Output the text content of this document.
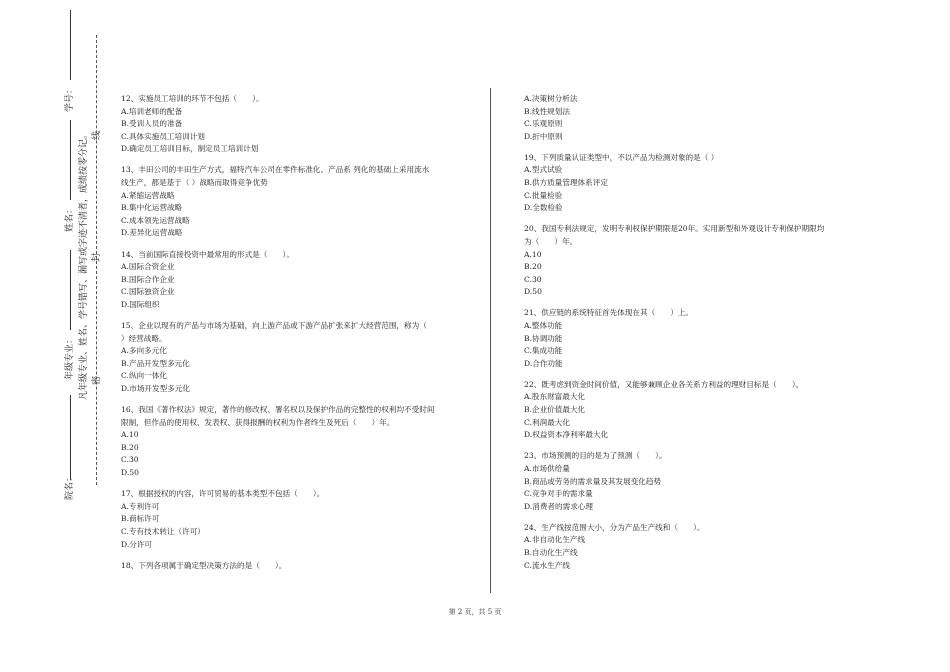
学号：
姓名：
年级专业：
院名：
凡年级专业、姓名、学号错写、漏写或字迹不清者，成绩按零分记。 线
封
密

12、实施员工培训的环节不包括（　　）。

A.培训老师的配备

B.受训人员的准备

C.具体实施员工培训计划

D.确定员工培训目标，制定员工培训计划

13、丰田公司的丰田生产方式，福特汽车公司在零件标准化、产品系 列化的基础上采用流水

线生产，都是基于（ ）战略而取得竞争优势

A.紧缩运营战略

B.集中化运营战略

C.成本领先运营战略

D.差异化运营战略

14、当前国际直接投资中最常用的形式是（　　）。

A.国际合资企业

B.国际合作企业

C.国际独资企业

D.国际组织

15、企业以现有的产品与市场为基础，向上游产品或下游产品扩张来扩大经营范围，称为（

）经营战略。

A.多向多元化

B.产品开发型多元化

C.纵向一体化

D.市场开发型多元化

16、我国《著作权法》规定，著作的修改权、署名权以及保护作品的完整性的权利均不受时间

限制，但作品的使用权、发表权、获得报酬的权利为作者终生及死后（　　）年。

A.10

B.20

C.30

D.50

17、根据授权的内容，许可贸易的基本类型不包括（　　）。

A.专利许可

B.商标许可

C.专有技术转让（许可）

D.分许可

18、下列各项属于确定型决策方法的是（　　）。

A.决策树分析法

B.线性规划法

C.乐观原则

D.折中原则

19、下列质量认证类型中，不以产品为检测对象的是（ ）

A.型式试验

B.供方质量管理体系评定

C.批量检验

D.全数检验

20、我国专利法规定，发明专利权保护期限是20年。实用新型和外观设计专利保护期限均

为（　　）年。

A.10

B.20

C.30

D.50

21、供应链的系统特征首先体现在其（　　）上。

A.整体功能

B.协调功能

C.集成功能

D.合作功能

22、既考虑到资金时间价值，又能够兼顾企业各关系方利益的理财目标是（　　）。

A.股东财富最大化

B.企业价值最大化

C.利润最大化

D.权益资本净利率最大化

23、市场预测的目的是为了预测（　　）。

A.市场供给量

B.商品或劳务的需求量及其发展变化趋势

C.竞争对手的需求量

D.消费者的需求心理

24、生产线按范围大小，分为产品生产线和（　　）。

A.非自动化生产线

B.自动化生产线

C.流水生产线

第 2 页，共 5 页
